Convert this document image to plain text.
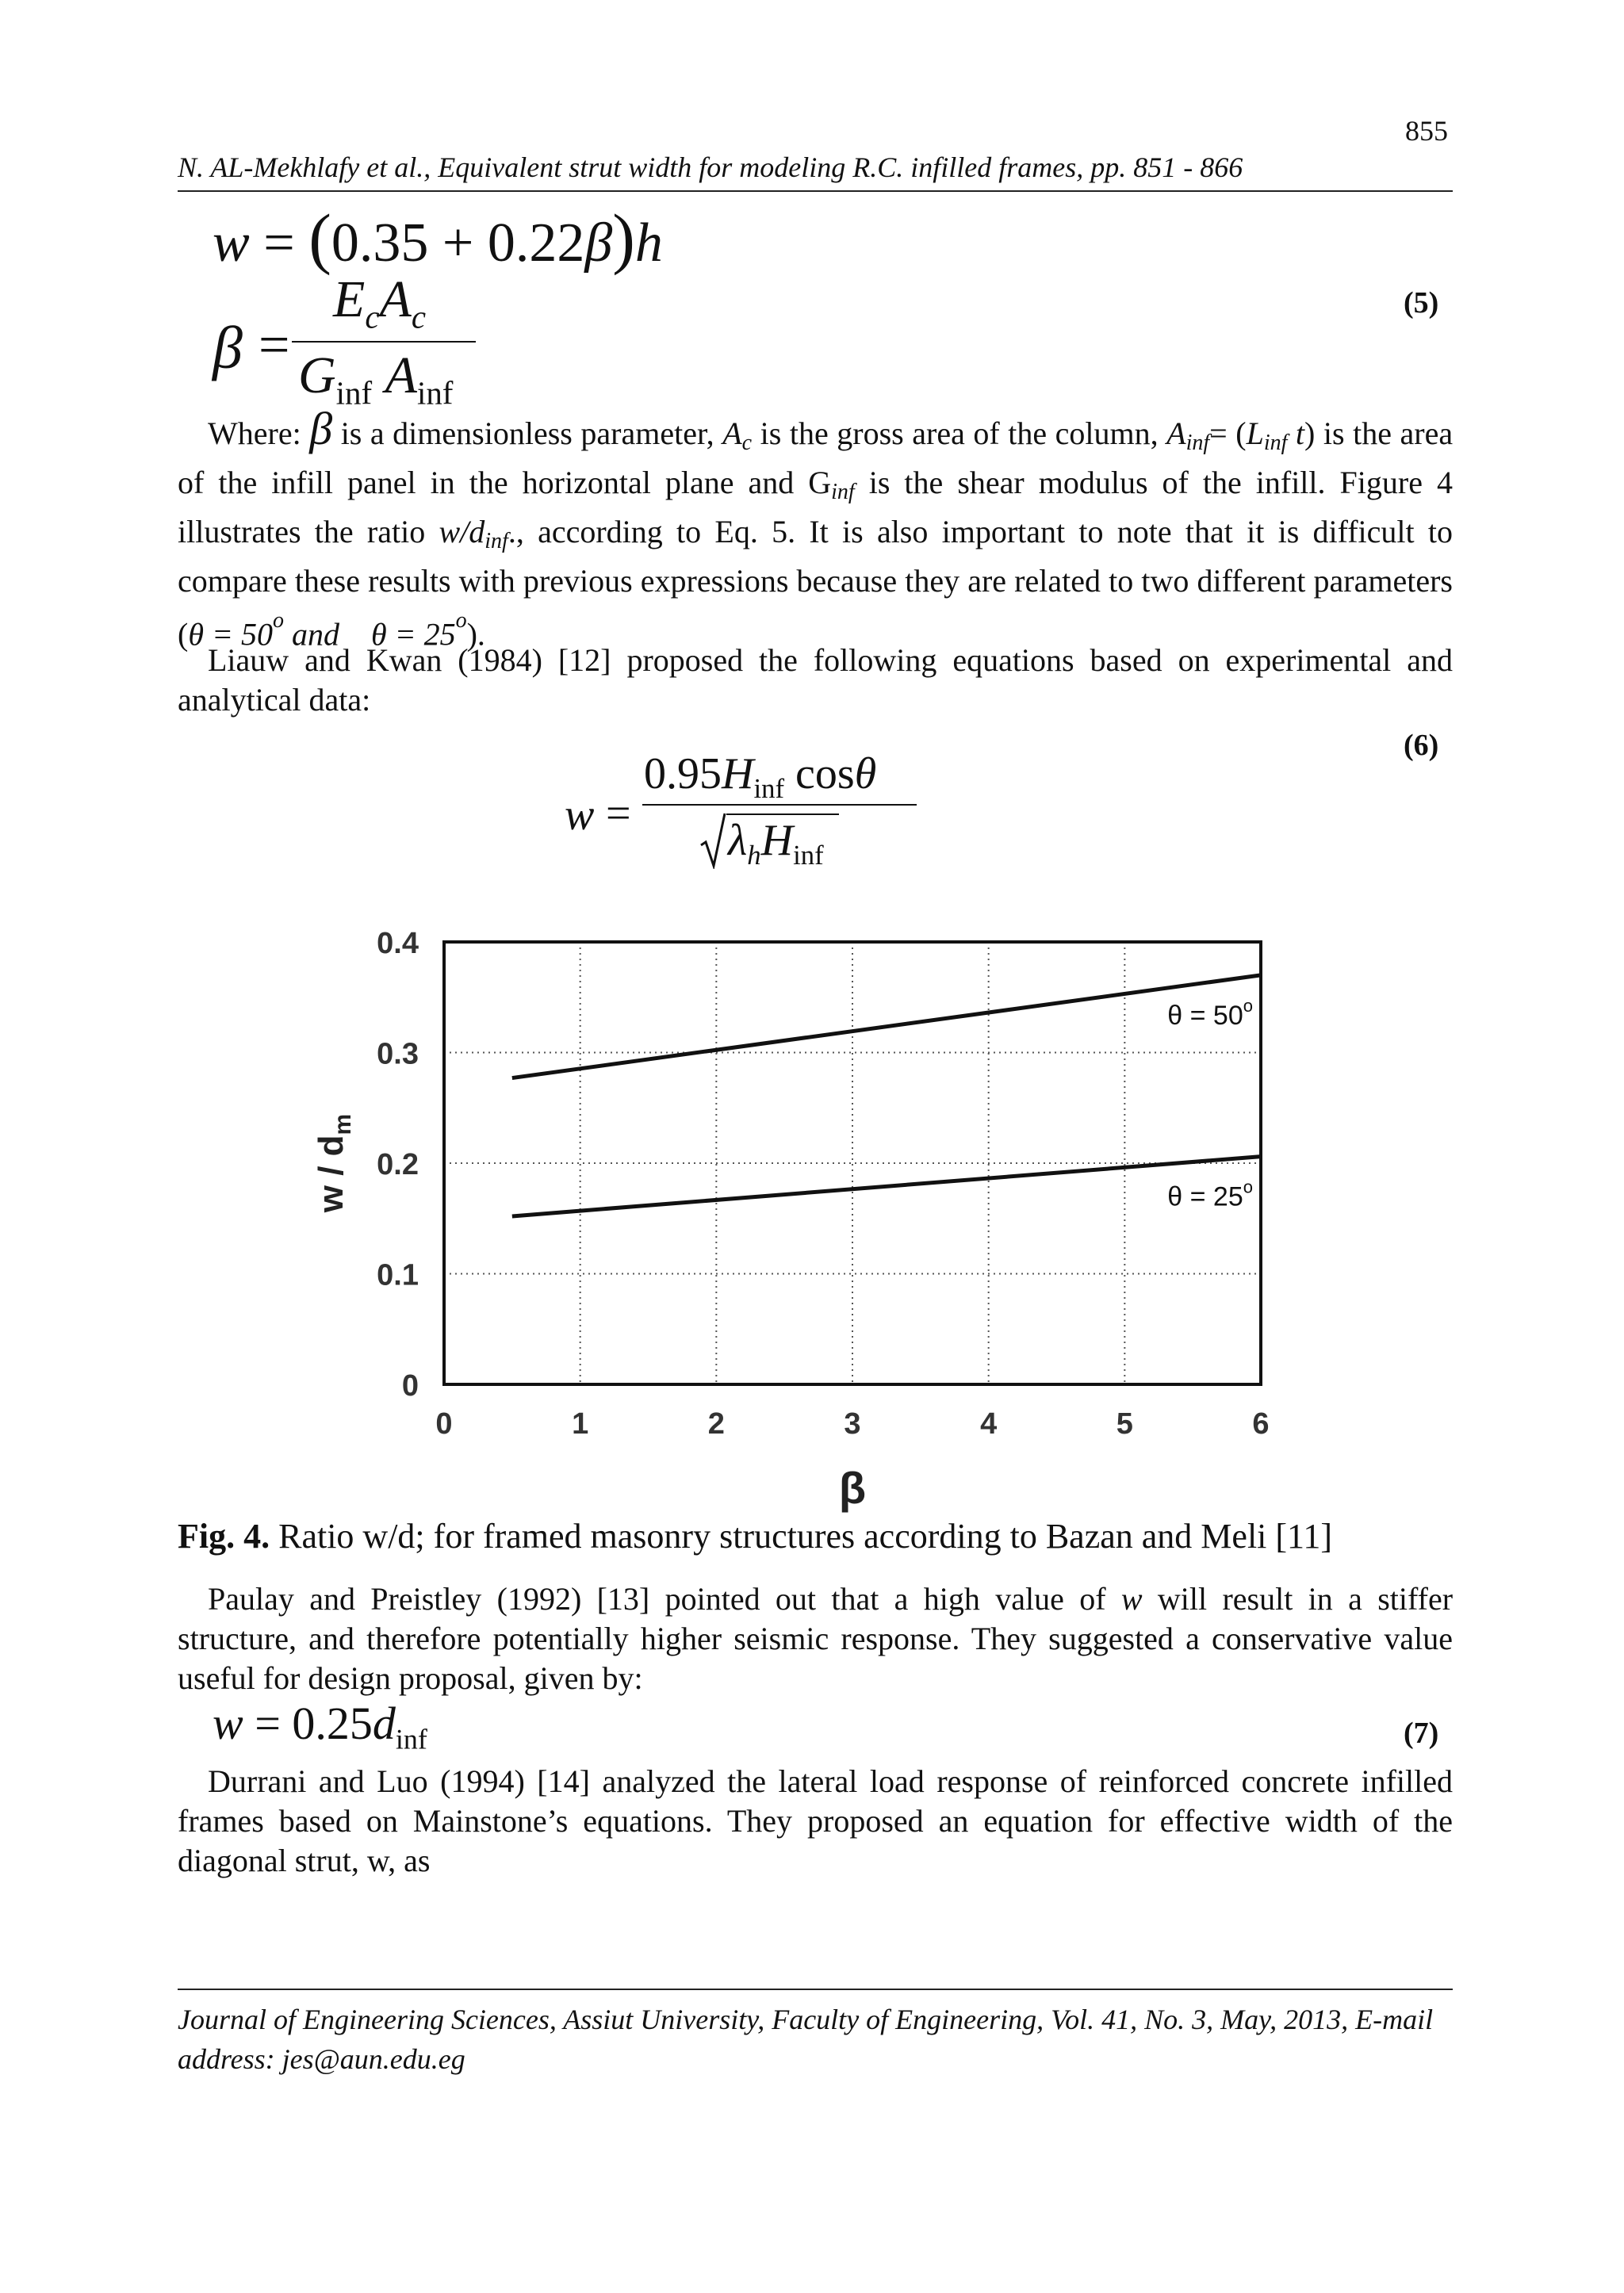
855
N. AL-Mekhlafy et al., Equivalent strut width for modeling R.C. infilled frames, pp. 851 - 866
w = (0.35 + 0.22β)h
β =
$E_cA_c$
$G_{inf}$ $A_{inf}$
(5)
Where: β is a dimensionless parameter, Ac is the gross area of the column, Ainf= (Linf t) is the area of the infill panel in the horizontal plane and Ginf is the shear modulus of the infill. Figure 4 illustrates the ratio w/dinf., according to Eq. 5. It is also important to note that it is difficult to compare these results with previous expressions because they are related to two different parameters ($\theta = 50^o$ and $\theta = 25^o$).
Liauw and Kwan (1984) [12] proposed the following equations based on experimental and analytical data:
(6)
w =
$0.95H_{inf}$ cosθ
$\lambda_hH_{inf}$
0	1	2	3	4	5	6
0
0.1
0.2
0.3
0.4
β
w / $d_m$
$\theta = 50^o$
$\theta = 25^o$
Fig. 4. Ratio w/d; for framed masonry structures according to Bazan and Meli [11]
Paulay and Preistley (1992) [13] pointed out that a high value of w will result in a stiffer structure, and therefore potentially higher seismic response. They suggested a conservative value useful for design proposal, given by:
$w = 0.25d_{inf}$	(7)
Durrani and Luo (1994) [14] analyzed the lateral load response of reinforced concrete infilled frames based on Mainstone’s equations. They proposed an equation for effective width of the diagonal strut, w, as
Journal of Engineering Sciences, Assiut University, Faculty of Engineering, Vol. 41, No. 3, May, 2013, E-mail address: jes@aun.edu.eg
